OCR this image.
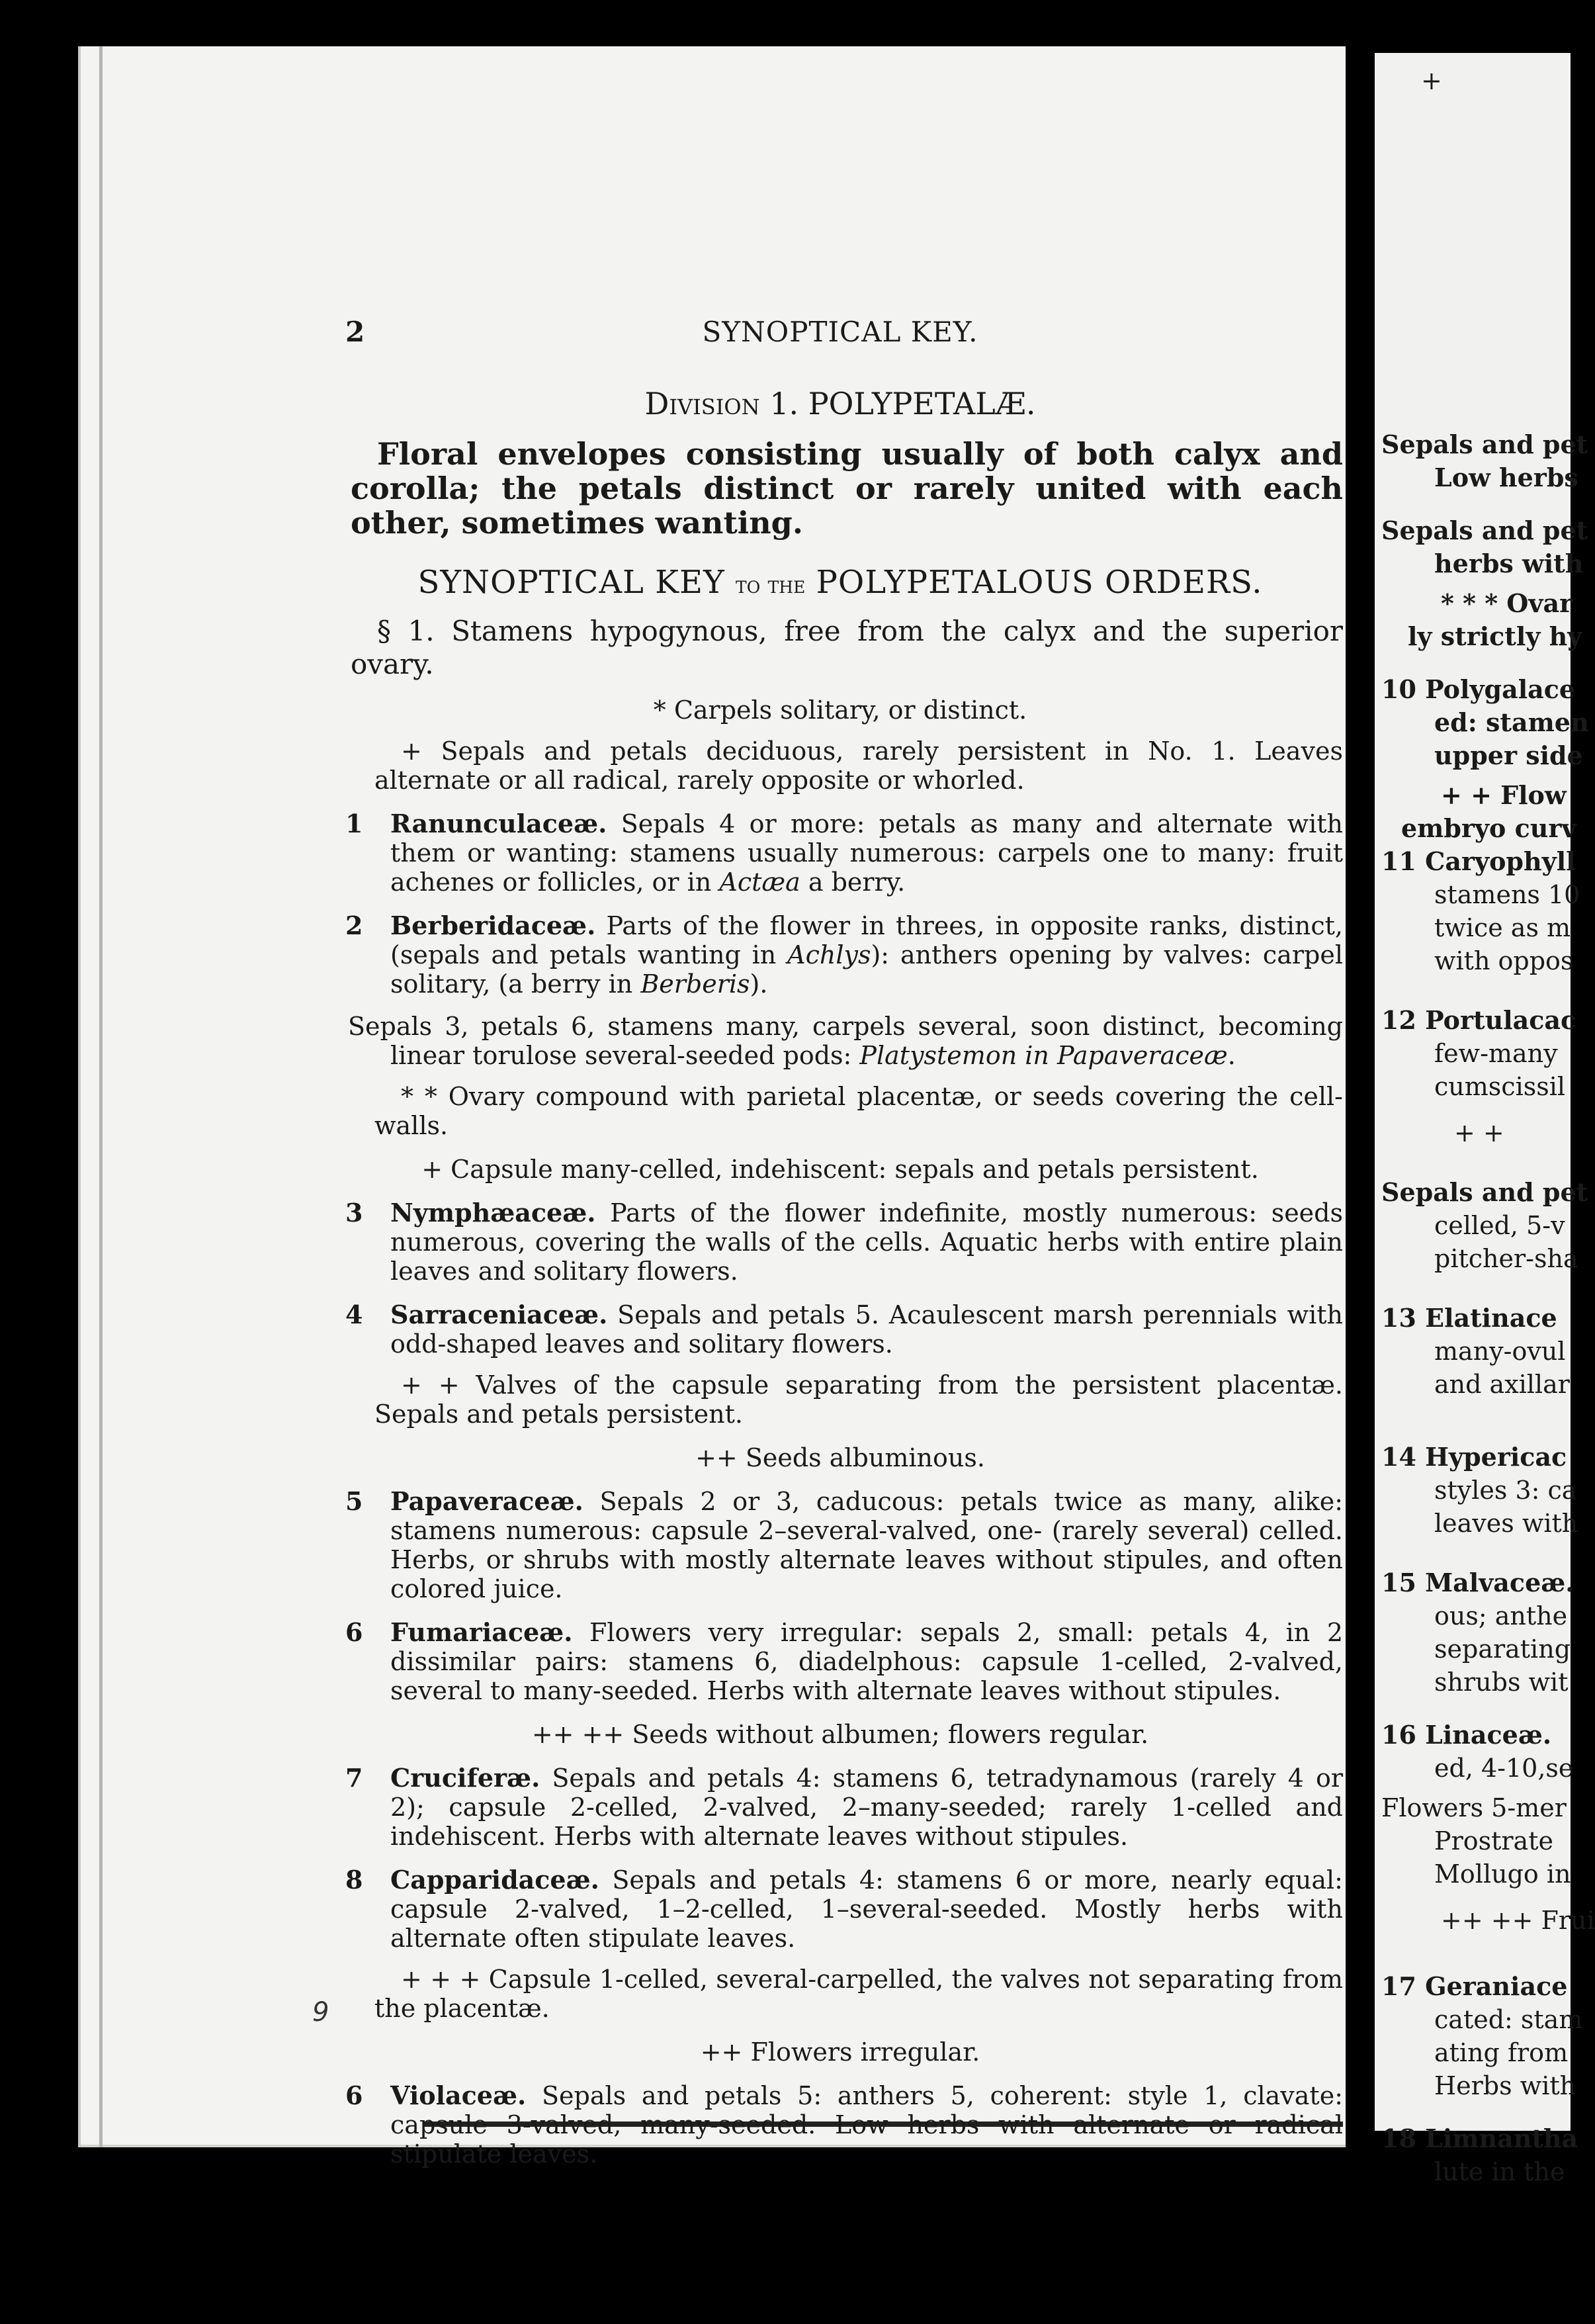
+
Sepals and pet
Low herbs
Sepals and pet
herbs with
* * * Ovar
ly strictly hy
10 Polygalace
ed: stamen
upper side
+ + Flow
embryo curv
11 Caryophyll
stamens 10
twice as m
with oppos
12 Portulacac
few-many
cumscissil
+ +
Sepals and pet
celled, 5-v
pitcher-sha
13 Elatinace
many-ovul
and axillar
14 Hypericac
styles 3: ca
leaves with
15 Malvaceæ.
ous; anthe
separating
shrubs wit
16 Linaceæ.
ed, 4-10,se
Flowers 5-mer
Prostrate
Mollugo in
++ ++ Frui
17 Geraniace
cated: stam
ating from
Herbs with
18 Limnantha
lute in the
2	SYNOPTICAL KEY.
Division 1. POLYPETALÆ.
Floral envelopes consisting usually of both calyx and corolla; the petals distinct or rarely united with each other, sometimes wanting.
SYNOPTICAL KEY to the POLYPETALOUS ORDERS.
§ 1. Stamens hypogynous, free from the calyx and the superior ovary.
* Carpels solitary, or distinct.
+ Sepals and petals deciduous, rarely persistent in No. 1. Leaves alternate or all radical, rarely opposite or whorled.
1 Ranunculaceæ. Sepals 4 or more: petals as many and alternate with them or wanting: stamens usually numerous: carpels one to many: fruit achenes or follicles, or in Actæa a berry.
2 Berberidaceæ. Parts of the flower in threes, in opposite ranks, distinct, (sepals and petals wanting in Achlys): anthers opening by valves: carpel solitary, (a berry in Berberis).
Sepals 3, petals 6, stamens many, carpels several, soon distinct, becoming linear torulose several-seeded pods: Platystemon in Papaveraceæ.
* * Ovary compound with parietal placentæ, or seeds covering the cell-walls.
+ Capsule many-celled, indehiscent: sepals and petals persistent.
3 Nymphæaceæ. Parts of the flower indefinite, mostly numerous: seeds numerous, covering the walls of the cells. Aquatic herbs with entire plain leaves and solitary flowers.
4 Sarraceniaceæ. Sepals and petals 5. Acaulescent marsh perennials with odd-shaped leaves and solitary flowers.
+ + Valves of the capsule separating from the persistent placentæ. Sepals and petals persistent.
++ Seeds albuminous.
5 Papaveraceæ. Sepals 2 or 3, caducous: petals twice as many, alike: stamens numerous: capsule 2–several-valved, one- (rarely several) celled. Herbs, or shrubs with mostly alternate leaves without stipules, and often colored juice.
6 Fumariaceæ. Flowers very irregular: sepals 2, small: petals 4, in 2 dissimilar pairs: stamens 6, diadelphous: capsule 1-celled, 2-valved, several to many-seeded. Herbs with alternate leaves without stipules.
++ ++ Seeds without albumen; flowers regular.
7 Cruciferæ. Sepals and petals 4: stamens 6, tetradynamous (rarely 4 or 2); capsule 2-celled, 2-valved, 2–many-seeded; rarely 1-celled and indehiscent. Herbs with alternate leaves without stipules.
8 Capparidaceæ. Sepals and petals 4: stamens 6 or more, nearly equal: capsule 2-valved, 1–2-celled, 1–several-seeded. Mostly herbs with alternate often stipulate leaves.
+ + + Capsule 1-celled, several-carpelled, the valves not separating from the placentæ.
++ Flowers irregular.
6 Violaceæ. Sepals and petals 5: anthers 5, coherent: style 1, clavate: capsule 3-valved, many-seeded. Low herbs with alternate or radical stipulate leaves.
9
